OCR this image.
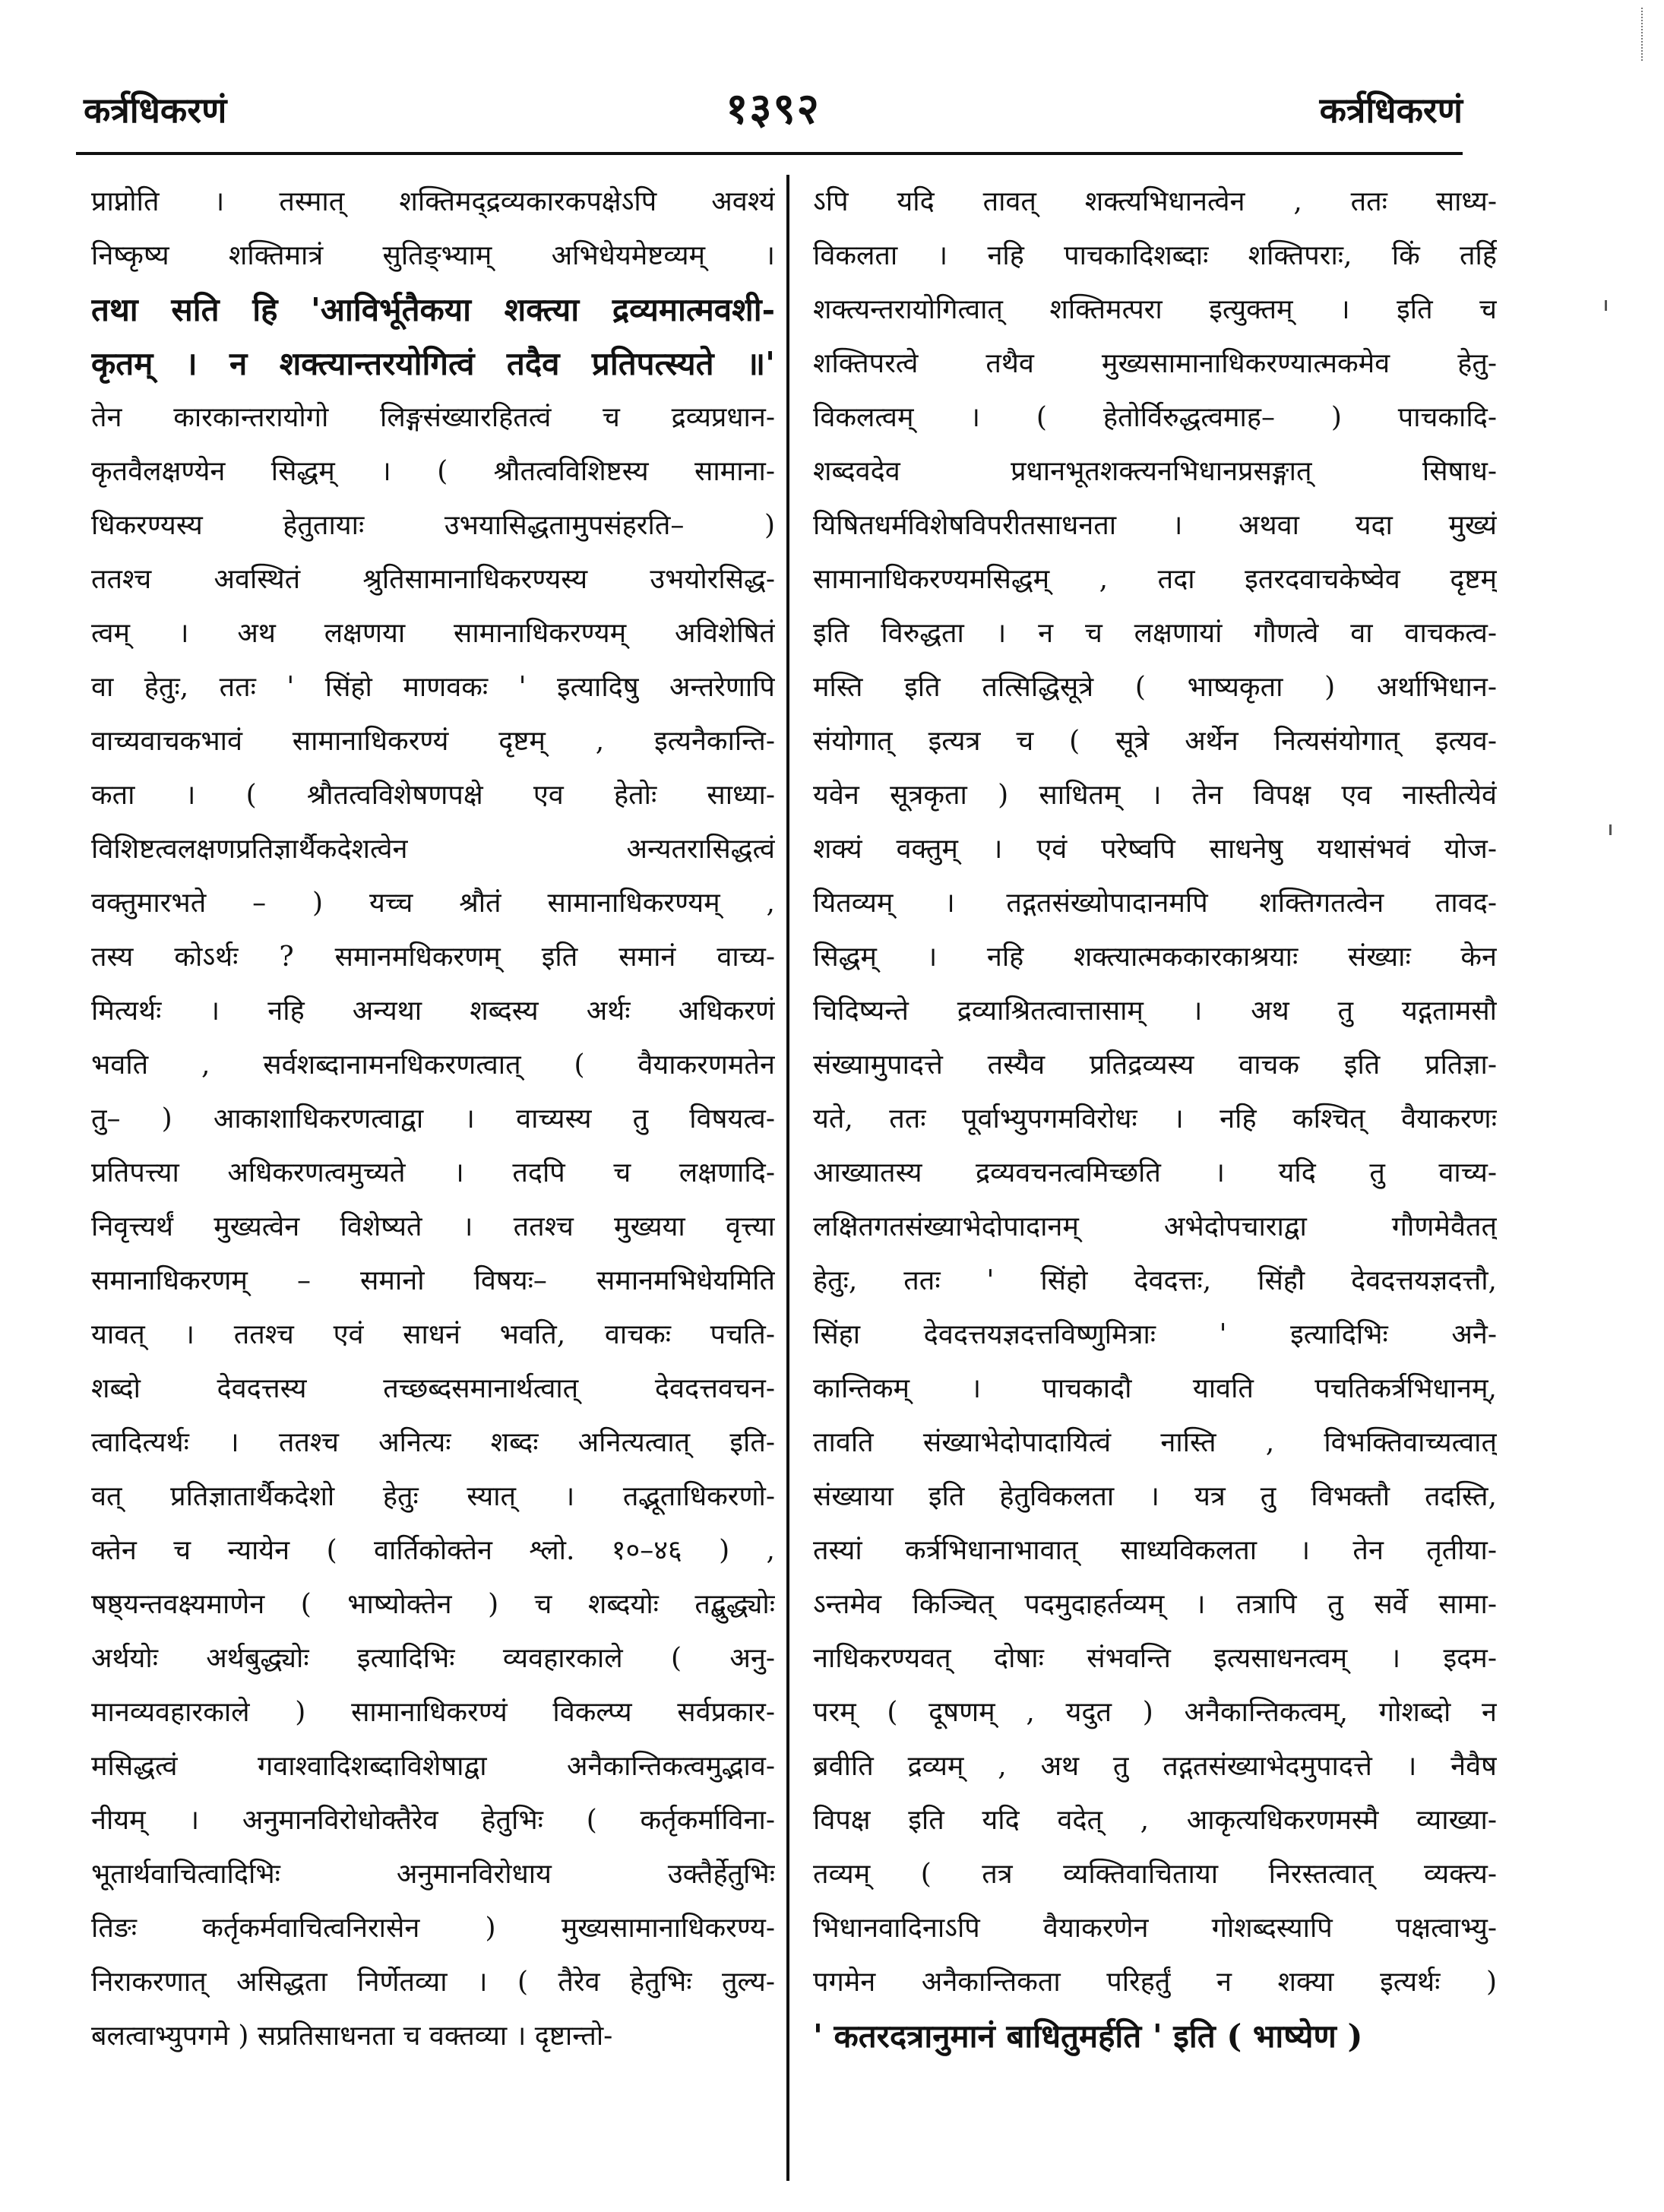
कर्त्रधिकरणं	१३९२	कर्त्रधिकरणं
प्राप्नोति । तस्मात् शक्तिमद्द्रव्यकारकपक्षेऽपि अवश्यं
निष्कृष्य शक्तिमात्रं सुतिङ्भ्याम् अभिधेयमेष्टव्यम् ।
तथा सति हि 'आविर्भूतैकया शक्त्या द्रव्यमात्मवशी-
कृतम् । न शक्त्यान्तरयोगित्वं तदैव प्रतिपत्स्यते ॥'
तेन कारकान्तरायोगो लिङ्गसंख्यारहितत्वं च द्रव्यप्रधान-
कृतवैलक्षण्येन सिद्धम् । ( श्रौतत्वविशिष्टस्य सामाना-
धिकरण्यस्य हेतुतायाः उभयासिद्धतामुपसंहरति– )
ततश्च अवस्थितं श्रुतिसामानाधिकरण्यस्य उभयोरसिद्ध-
त्वम् । अथ लक्षणया सामानाधिकरण्यम् अविशेषितं
वा हेतुः, ततः ' सिंहो माणवकः ' इत्यादिषु अन्तरेणापि
वाच्यवाचकभावं सामानाधिकरण्यं दृष्टम् , इत्यनैकान्ति-
कता । ( श्रौतत्वविशेषणपक्षे एव हेतोः साध्या-
विशिष्टत्वलक्षणप्रतिज्ञार्थैकदेशत्वेन अन्यतरासिद्धत्वं
वक्तुमारभते – ) यच्च श्रौतं सामानाधिकरण्यम् ,
तस्य कोऽर्थः ? समानमधिकरणम् इति समानं वाच्य-
मित्यर्थः । नहि अन्यथा शब्दस्य अर्थः अधिकरणं
भवति , सर्वशब्दानामनधिकरणत्वात् ( वैयाकरणमतेन
तु– ) आकाशाधिकरणत्वाद्वा । वाच्यस्य तु विषयत्व-
प्रतिपत्त्या अधिकरणत्वमुच्यते । तदपि च लक्षणादि-
निवृत्त्यर्थं मुख्यत्वेन विशेष्यते । ततश्च मुख्यया वृत्त्या
समानाधिकरणम् – समानो विषयः– समानमभिधेयमिति
यावत् । ततश्च एवं साधनं भवति, वाचकः पचति-
शब्दो देवदत्तस्य तच्छब्दसमानार्थत्वात् देवदत्तवचन-
त्वादित्यर्थः । ततश्च अनित्यः शब्दः अनित्यत्वात् इति-
वत् प्रतिज्ञातार्थैकदेशो हेतुः स्यात् । तद्भूताधिकरणो-
क्तेन च न्यायेन ( वार्तिकोक्तेन श्लो. १०–४६ ) ,
षष्ठ्यन्तवक्ष्यमाणेन ( भाष्योक्तेन ) च शब्दयोः तद्बुद्ध्योः
अर्थयोः अर्थबुद्ध्योः इत्यादिभिः व्यवहारकाले ( अनु-
मानव्यवहारकाले ) सामानाधिकरण्यं विकल्प्य सर्वप्रकार-
मसिद्धत्वं गवाश्वादिशब्दाविशेषाद्वा अनैकान्तिकत्वमुद्भाव-
नीयम् । अनुमानविरोधोक्तैरेव हेतुभिः ( कर्तृकर्माविना-
भूतार्थवाचित्वादिभिः अनुमानविरोधाय उक्तैर्हेतुभिः
तिङः कर्तृकर्मवाचित्वनिरासेन ) मुख्यसामानाधिकरण्य-
निराकरणात् असिद्धता निर्णेतव्या । ( तैरेव हेतुभिः तुल्य-
बलत्वाभ्युपगमे ) सप्रतिसाधनता च वक्तव्या । दृष्टान्तो-
ऽपि यदि तावत् शक्त्यभिधानत्वेन , ततः साध्य-
विकलता । नहि पाचकादिशब्दाः शक्तिपराः, किं तर्हि
शक्त्यन्तरायोगित्वात् शक्तिमत्परा इत्युक्तम् । इति च
शक्तिपरत्वे तथैव मुख्यसामानाधिकरण्यात्मकमेव हेतु-
विकलत्वम् । ( हेतोर्विरुद्धत्वमाह– ) पाचकादि-
शब्दवदेव प्रधानभूतशक्त्यनभिधानप्रसङ्गात् सिषाध-
यिषितधर्मविशेषविपरीतसाधनता । अथवा यदा मुख्यं
सामानाधिकरण्यमसिद्धम् , तदा इतरदवाचकेष्वेव दृष्टम्
इति विरुद्धता । न च लक्षणायां गौणत्वे वा वाचकत्व-
मस्ति इति तत्सिद्धिसूत्रे ( भाष्यकृता ) अर्थाभिधान-
संयोगात् इत्यत्र च ( सूत्रे अर्थेन नित्यसंयोगात् इत्यव-
यवेन सूत्रकृता ) साधितम् । तेन विपक्ष एव नास्तीत्येवं
शक्यं वक्तुम् । एवं परेष्वपि साधनेषु यथासंभवं योज-
यितव्यम् । तद्गतसंख्योपादानमपि शक्तिगतत्वेन तावद-
सिद्धम् । नहि शक्त्यात्मककारकाश्रयाः संख्याः केन
चिदिष्यन्ते द्रव्याश्रितत्वात्तासाम् । अथ तु यद्गतामसौ
संख्यामुपादत्ते तस्यैव प्रतिद्रव्यस्य वाचक इति प्रतिज्ञा-
यते, ततः पूर्वाभ्युपगमविरोधः । नहि कश्चित् वैयाकरणः
आख्यातस्य द्रव्यवचनत्वमिच्छति । यदि तु वाच्य-
लक्षितगतसंख्याभेदोपादानम् अभेदोपचाराद्वा गौणमेवैतत्
हेतुः, ततः ' सिंहो देवदत्तः, सिंहौ देवदत्तयज्ञदत्तौ,
सिंहा देवदत्तयज्ञदत्तविष्णुमित्राः ' इत्यादिभिः अनै-
कान्तिकम् । पाचकादौ यावति पचतिकर्त्रभिधानम्,
तावति संख्याभेदोपादायित्वं नास्ति , विभक्तिवाच्यत्वात्
संख्याया इति हेतुविकलता । यत्र तु विभक्तौ तदस्ति,
तस्यां कर्त्रभिधानाभावात् साध्यविकलता । तेन तृतीया-
ऽन्तमेव किञ्चित् पदमुदाहर्तव्यम् । तत्रापि तु सर्वे सामा-
नाधिकरण्यवत् दोषाः संभवन्ति इत्यसाधनत्वम् । इदम-
परम् ( दूषणम् , यदुत ) अनैकान्तिकत्वम्, गोशब्दो न
ब्रवीति द्रव्यम् , अथ तु तद्गतसंख्याभेदमुपादत्ते । नैवैष
विपक्ष इति यदि वदेत् , आकृत्यधिकरणमस्मै व्याख्या-
तव्यम् ( तत्र व्यक्तिवाचिताया निरस्तत्वात् व्यक्त्य-
भिधानवादिनाऽपि वैयाकरणेन गोशब्दस्यापि पक्षत्वाभ्यु-
पगमेन अनैकान्तिकता परिहर्तुं न शक्या इत्यर्थः )
' कतरदत्रानुमानं बाधितुमर्हति ' इति ( भाष्येण )
